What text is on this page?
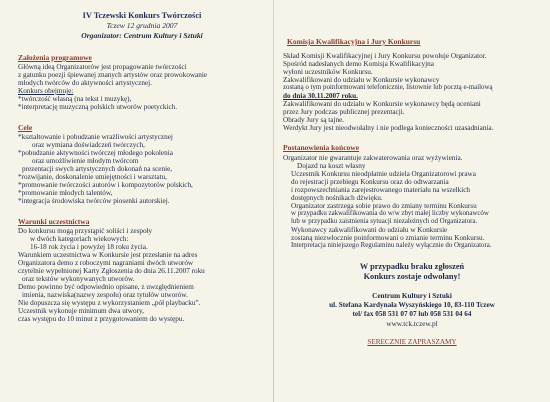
IV Tczewski Konkurs Twórczości
Tczew 12 grudnia 2007
Organizator: Centrum Kultury i Sztuki
Założenia programowe
Główną ideą Organizatorów jest propagowanie twórczości
z gatunku poezji śpiewanej znanych artystów oraz prowokowanie
młodych twórców do aktywności artystycznej.
Konkurs obejmuje:
*twórczość własną (na tekst i muzykę),
*interpretację muzyczną polskich utworów poetyckich.
Cele
*kształtowanie i pobudzanie wrażliwości artystycznej
oraz wymiana doświadczeń twórczych,
*pobudzanie aktywności twórczej młodego pokolenia
oraz umożliwienie młodym twórcom
prezentacji swych artystycznych dokonań na scenie,
*rozwijanie, doskonalenie umiejętności i warsztatu,
*promowanie twórczości autorów i kompozytorów polskich,
*promowanie młodych talentów,
*integracja środowiska twórców piosenki autorskiej.
Warunki uczestnictwa
Do konkursu mogą przystąpić soliści i zespoły
w dwóch kategoriach wiekowych:
16-18 rok życia i powyżej 18 roku życia.
Warunkiem uczestnictwa w Konkursie jest przesłanie na adres
Organizatora demo z roboczymi nagraniami dwóch utworów
czytelnie wypełnionej Karty Zgłoszenia do dnia 26.11.2007 roku
oraz tekstów wykonywanych utworów.
Demo powinno być odpowiednio opisane, z uwzględnieniem
imienia, nazwiska(nazwy zespołu) oraz tytułów utworów.
Nie dopuszcza się występu z wykorzystaniem „pół playbacku”.
Uczestnik wykonuje minimum dwa utwory,
czas występu do 10 minut z przygotowaniem do występu.
Komisja Kwalifikacyjna i Jury Konkursu
Skład Komisji Kwalifikacyjnej i Jury Konkursu powołuje Organizator.
Spośród nadesłanych demo Komisja Kwalifikacyjna
wyłoni uczestników Konkursu.
Zakwalifikowani do udziału w Konkursie wykonawcy
zostaną o tym poinformowani telefonicznie, listownie lub pocztą e-mailową
do dnia 30.11.2007 roku.
Zakwalifikowani do udziału w Konkursie wykonawcy będą oceniani
przez Jury podczas publicznej prezentacji.
Obrady Jury są tajne.
Werdykt Jury jest nieodwołalny i nie podlega konieczności uzasadniania.
Postanowienia końcowe
Organizator nie gwarantuje zakwaterowania oraz wyżywienia.
Dojazd na koszt własny
Uczestnik Konkursu nieodpłatnie udziela Organizatorowi prawa
do rejestracji przebiegu Konkursu oraz do odtwarzania
i rozpowszechniania zarejestrowanego materiału na wszelkich
dostępnych nośnikach dźwięku.
Organizator zastrzega sobie prawo do zmiany terminu Konkursu
w przypadku zakwalifikowania do w/w zbyt małej liczby wykonawców
lub w przypadku zaistnienia sytuacji niezależnych od Organizatora.
Wykonawcy zakwalifikowani do udziału w Konkursie
zostaną niezwłocznie poinformowani o zmianie terminu Konkursu.
Interpretacja niniejszego Regulaminu należy wyłącznie do Organizatora.
W przypadku braku zgłoszeń
Konkurs zostaje odwołany!
Centrum Kultury i Sztuki
ul. Stefana Kardynała Wyszyńskiego 10, 83-110 Tczew
tel/ fax 058 531 07 07 lub 058 531 04 64
www.tck.tczew.pl
SERECZNIE ZAPRASZAMY
